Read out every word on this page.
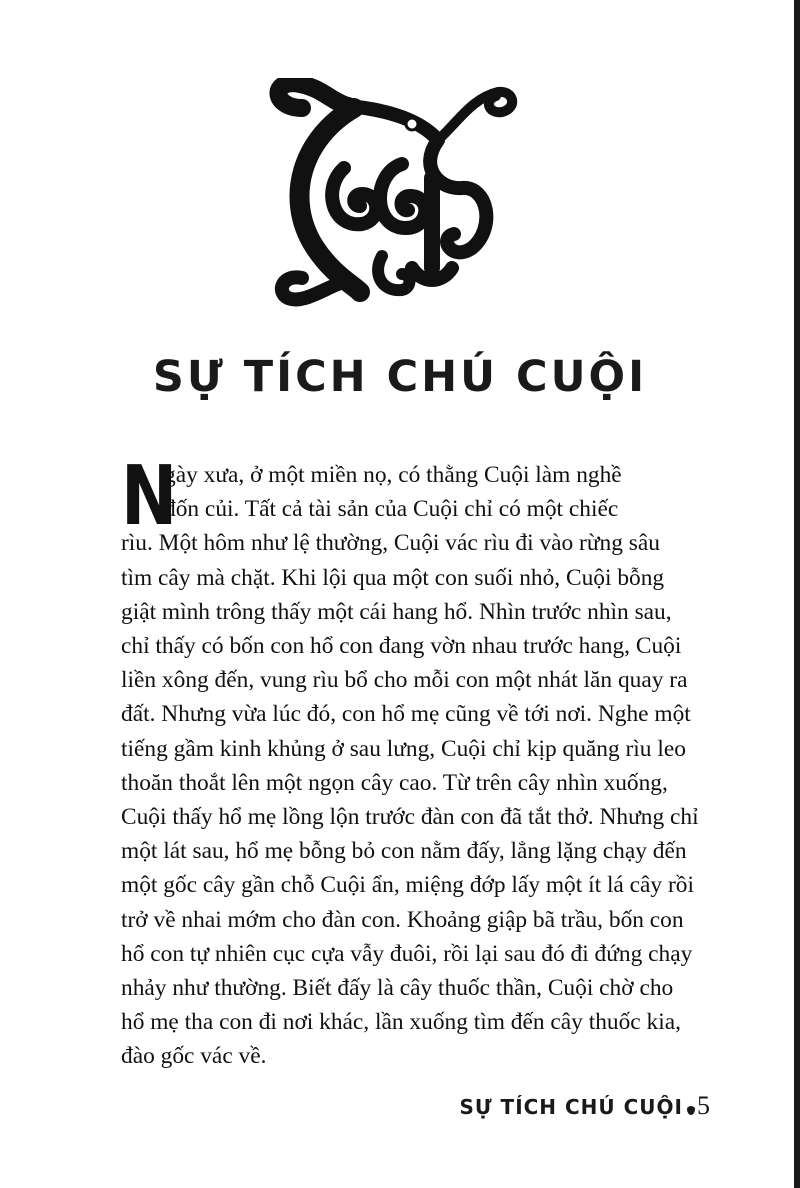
SỰ TÍCH CHÚ CUỘI
N
gày xưa, ở một miền nọ, có thằng Cuội làm nghề
đốn củi. Tất cả tài sản của Cuội chỉ có một chiếc
rìu. Một hôm như lệ thường, Cuội vác rìu đi vào rừng sâu
tìm cây mà chặt. Khi lội qua một con suối nhỏ, Cuội bỗng
giật mình trông thấy một cái hang hổ. Nhìn trước nhìn sau,
chỉ thấy có bốn con hổ con đang vờn nhau trước hang, Cuội
liền xông đến, vung rìu bổ cho mỗi con một nhát lăn quay ra
đất. Nhưng vừa lúc đó, con hổ mẹ cũng về tới nơi. Nghe một
tiếng gầm kinh khủng ở sau lưng, Cuội chỉ kịp quăng rìu leo
thoăn thoắt lên một ngọn cây cao. Từ trên cây nhìn xuống,
Cuội thấy hổ mẹ lồng lộn trước đàn con đã tắt thở. Nhưng chỉ
một lát sau, hổ mẹ bỗng bỏ con nằm đấy, lẳng lặng chạy đến
một gốc cây gần chỗ Cuội ẩn, miệng đớp lấy một ít lá cây rồi
trở về nhai mớm cho đàn con. Khoảng giập bã trầu, bốn con
hổ con tự nhiên cục cựa vẫy đuôi, rồi lại sau đó đi đứng chạy
nhảy như thường. Biết đấy là cây thuốc thần, Cuội chờ cho
hổ mẹ tha con đi nơi khác, lần xuống tìm đến cây thuốc kia,
đào gốc vác về.
SỰ TÍCH CHÚ CUỘI 5
